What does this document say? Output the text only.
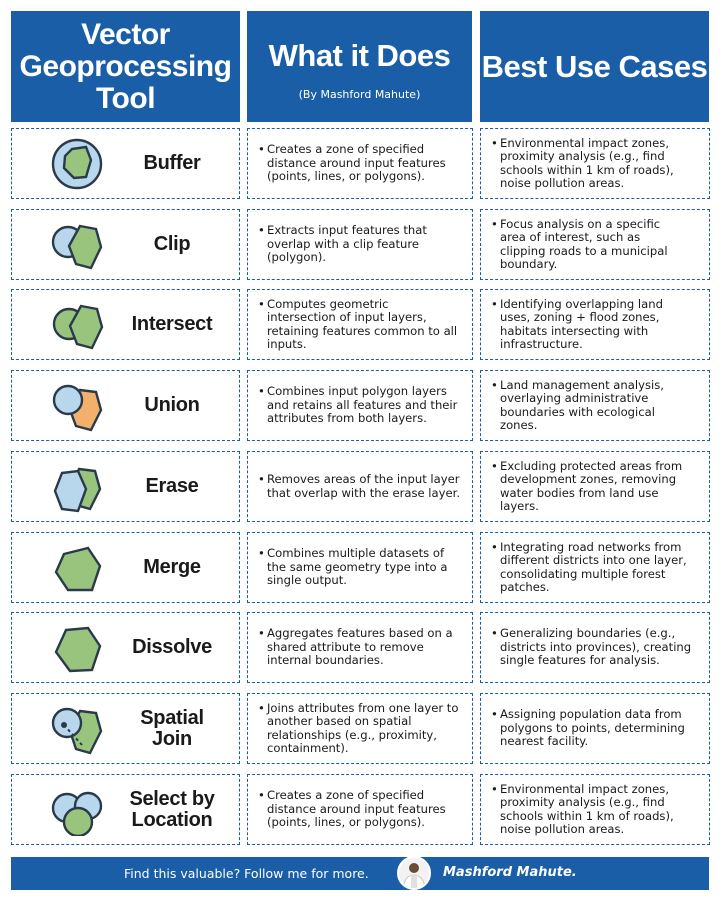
Vector
Geoprocessing
Tool
What it Does
(By Mashford Mahute)
Best Use Cases
Buffer
• Creates a zone of specified
distance around input features
(points, lines, or polygons).
• Environmental impact zones,
proximity analysis (e.g., find
schools within 1 km of roads),
noise pollution areas.
Clip
• Extracts input features that
overlap with a clip feature
(polygon).
• Focus analysis on a specific
area of interest, such as
clipping roads to a municipal
boundary.
Intersect
• Computes geometric
intersection of input layers,
retaining features common to all
inputs.
• Identifying overlapping land
uses, zoning + flood zones,
habitats intersecting with
infrastructure.
Union
• Combines input polygon layers
and retains all features and their
attributes from both layers.
• Land management analysis,
overlaying administrative
boundaries with ecological
zones.
Erase
•	Removes areas of the input layer
that overlap with the erase layer.
• Excluding protected areas from
development zones, removing
water bodies from land use
layers.
Merge
• Combines multiple datasets of
the same geometry type into a
single output.
• Integrating road networks from
different districts into one layer,
consolidating multiple forest
patches.
Dissolve
• Aggregates features based on a
shared attribute to remove
internal boundaries.
• Generalizing boundaries (e.g.,
districts into provinces), creating
single features for analysis.
Spatial
Join
• Joins attributes from one layer to
another based on spatial
relationships (e.g., proximity,
containment).
• Assigning population data from
polygons to points, determining
nearest facility.
Select by
Location
• Creates a zone of specified
distance around input features
(points, lines, or polygons).
• Environmental impact zones,
proximity analysis (e.g., find
schools within 1 km of roads),
noise pollution areas.
Find this valuable? Follow me for more.	Mashford Mahute.
